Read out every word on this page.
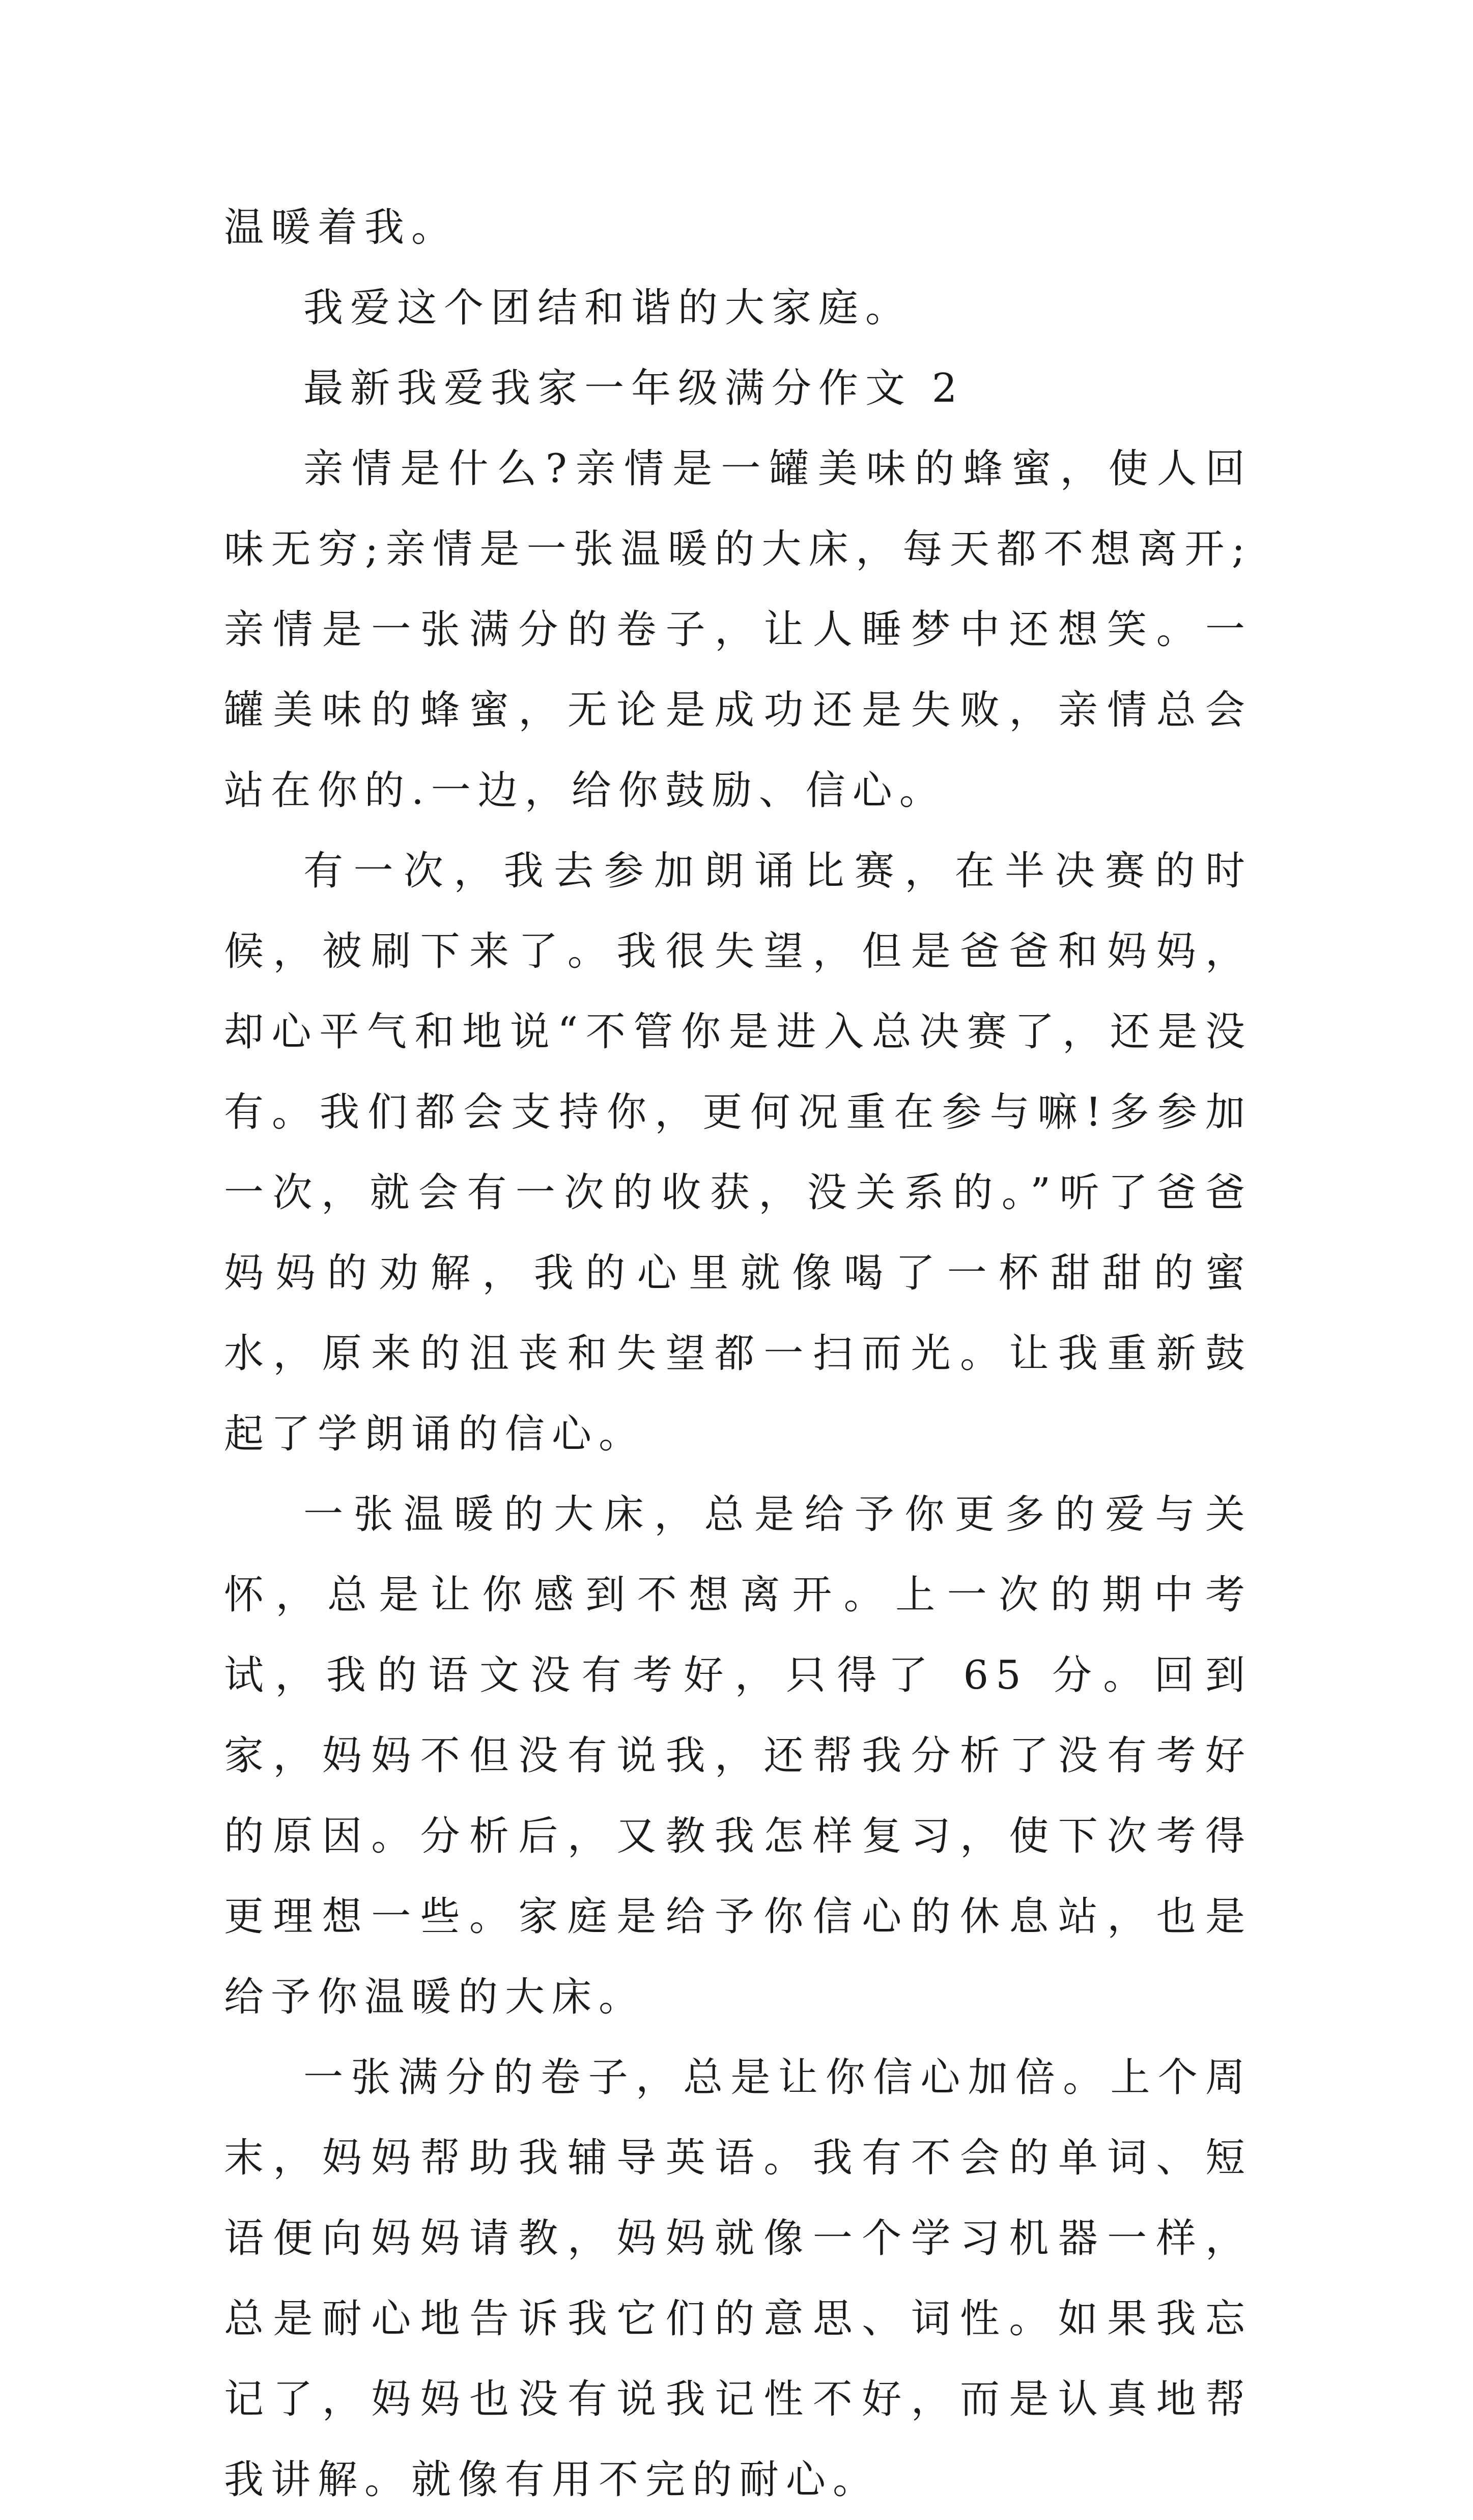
温暖着我。

我爱这个团结和谐的大家庭。

最新我爱我家一年级满分作文 2

亲情是什么?亲情是一罐美味的蜂蜜，使人回味无穷;亲情是一张温暖的大床，每天都不想离开;亲情是一张满分的卷子，让人睡梦中还想笑。一罐美味的蜂蜜，无论是成功还是失败，亲情总会站在你的.一边，给你鼓励、信心。

有一次，我去参加朗诵比赛，在半决赛的时候，被刷下来了。我很失望，但是爸爸和妈妈，却心平气和地说“不管你是进入总决赛了，还是没有。我们都会支持你，更何况重在参与嘛!多参加一次，就会有一次的收获，没关系的。”听了爸爸妈妈的劝解，我的心里就像喝了一杯甜甜的蜜水，原来的沮丧和失望都一扫而光。让我重新鼓起了学朗诵的信心。

一张温暖的大床，总是给予你更多的爱与关怀，总是让你感到不想离开。上一次的期中考试，我的语文没有考好，只得了 65 分。回到家，妈妈不但没有说我，还帮我分析了没有考好的原因。分析后，又教我怎样复习，使下次考得更理想一些。家庭是给予你信心的休息站，也是给予你温暖的大床。

一张满分的卷子，总是让你信心加倍。上个周末，妈妈帮助我辅导英语。我有不会的单词、短语便向妈妈请教，妈妈就像一个学习机器一样，总是耐心地告诉我它们的意思、词性。如果我忘记了，妈妈也没有说我记性不好，而是认真地帮我讲解。就像有用不完的耐心。
